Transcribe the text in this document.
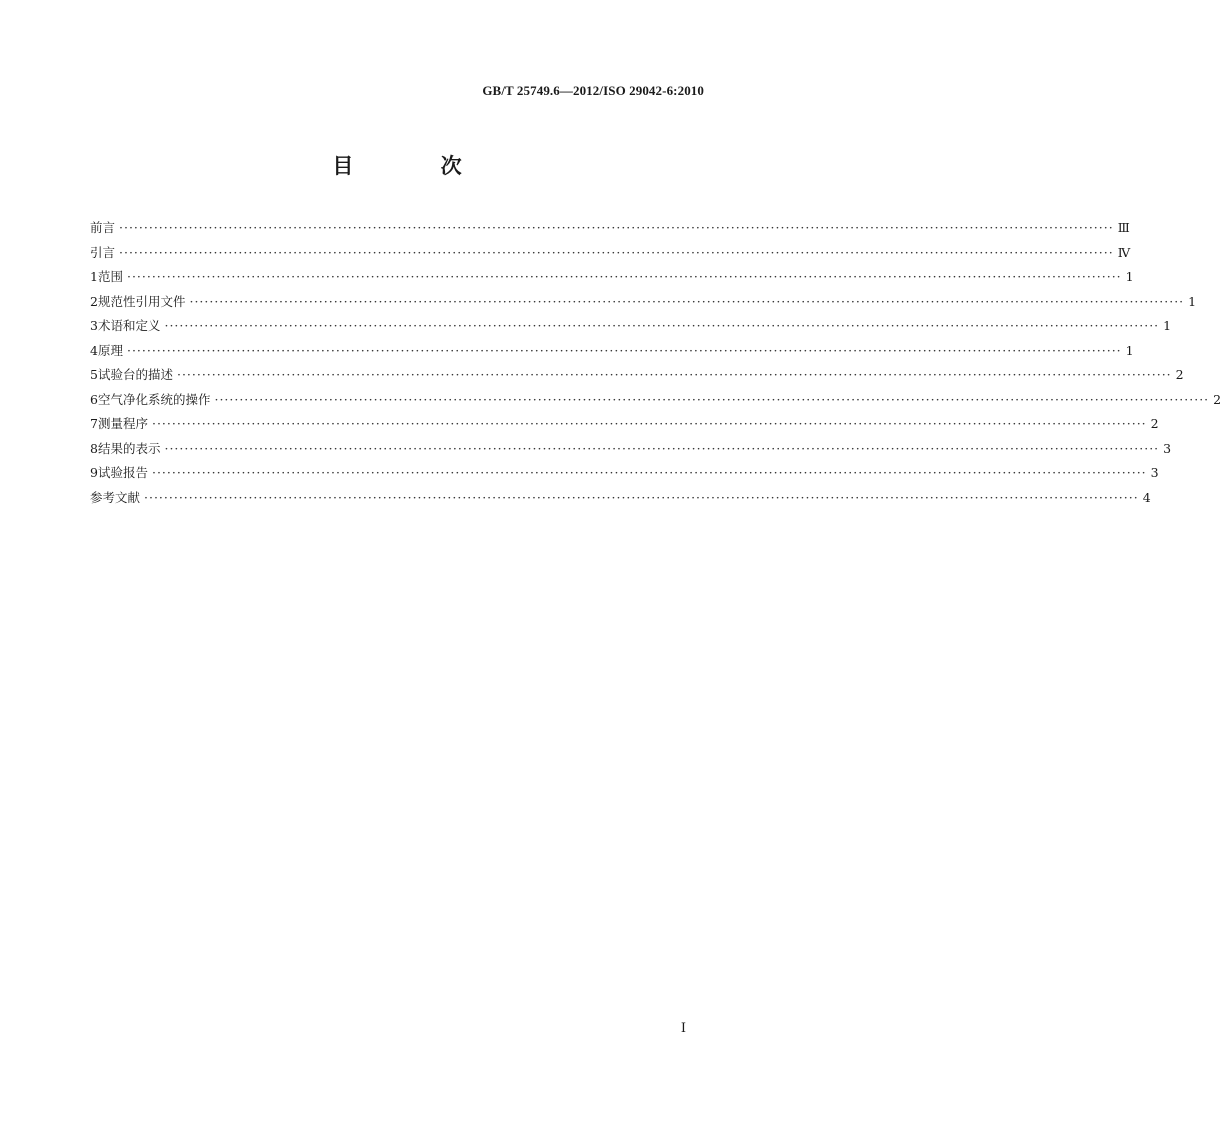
GB/T 25749.6—2012/ISO 29042-6:2010
目 次
前言 ········································································································································································································ Ⅲ
引言 ········································································································································································································ Ⅳ
1 范围 ········································································································································································································ 1
2 规范性引用文件 ········································································································································································································ 1
3 术语和定义 ········································································································································································································ 1
4 原理 ········································································································································································································ 1
5 试验台的描述 ········································································································································································································ 2
6 空气净化系统的操作 ········································································································································································································ 2
7 测量程序 ········································································································································································································ 2
8 结果的表示 ········································································································································································································ 3
9 试验报告 ········································································································································································································ 3
参考文献 ········································································································································································································ 4
I
